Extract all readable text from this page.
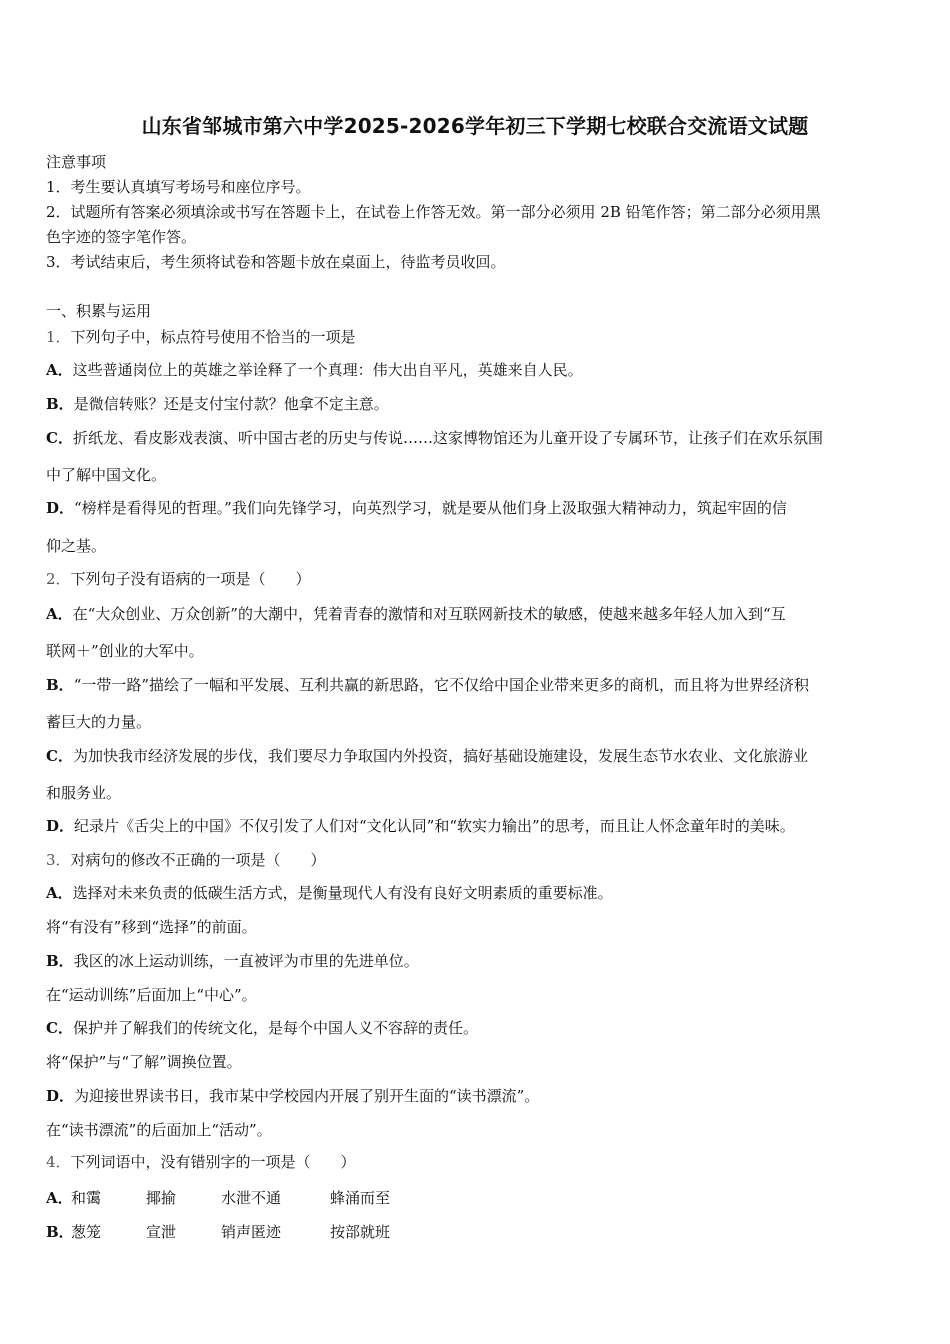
山东省邹城市第六中学2025-2026学年初三下学期七校联合交流语文试题
注意事项
1．考生要认真填写考场号和座位序号。
2．试题所有答案必须填涂或书写在答题卡上，在试卷上作答无效。第一部分必须用 2B 铅笔作答；第二部分必须用黑
色字迹的签字笔作答。
3．考试结束后，考生须将试卷和答题卡放在桌面上，待监考员收回。
一、积累与运用
1．下列句子中，标点符号使用不恰当的一项是
A．这些普通岗位上的英雄之举诠释了一个真理：伟大出自平凡，英雄来自人民。
B．是微信转账？还是支付宝付款？他拿不定主意。
C．折纸龙、看皮影戏表演、听中国古老的历史与传说……这家博物馆还为儿童开设了专属环节，让孩子们在欢乐氛围
中了解中国文化。
D．“榜样是看得见的哲理。”我们向先锋学习，向英烈学习，就是要从他们身上汲取强大精神动力，筑起牢固的信
仰之基。
2．下列句子没有语病的一项是（　　）
A．在“大众创业、万众创新”的大潮中，凭着青春的激情和对互联网新技术的敏感，使越来越多年轻人加入到“互
联网＋”创业的大军中。
B．“一带一路”描绘了一幅和平发展、互利共赢的新思路，它不仅给中国企业带来更多的商机，而且将为世界经济积
蓄巨大的力量。
C．为加快我市经济发展的步伐，我们要尽力争取国内外投资，搞好基础设施建设，发展生态节水农业、文化旅游业
和服务业。
D．纪录片《舌尖上的中国》不仅引发了人们对“文化认同”和“软实力输出”的思考，而且让人怀念童年时的美味。
3．对病句的修改不正确的一项是（　　）
A．选择对未来负责的低碳生活方式，是衡量现代人有没有良好文明素质的重要标准。
将“有没有”移到“选择”的前面。
B．我区的冰上运动训练，一直被评为市里的先进单位。
在“运动训练”后面加上“中心”。
C．保护并了解我们的传统文化，是每个中国人义不容辞的责任。
将“保护”与“了解”调换位置。
D．为迎接世界读书日，我市某中学校园内开展了别开生面的“读书漂流”。
在“读书漂流”的后面加上“活动”。
4．下列词语中，没有错别字的一项是（　　）
A．和霭	揶揄	水泄不通	蜂涌而至
B．葱笼	宣泄	销声匿迹	按部就班
